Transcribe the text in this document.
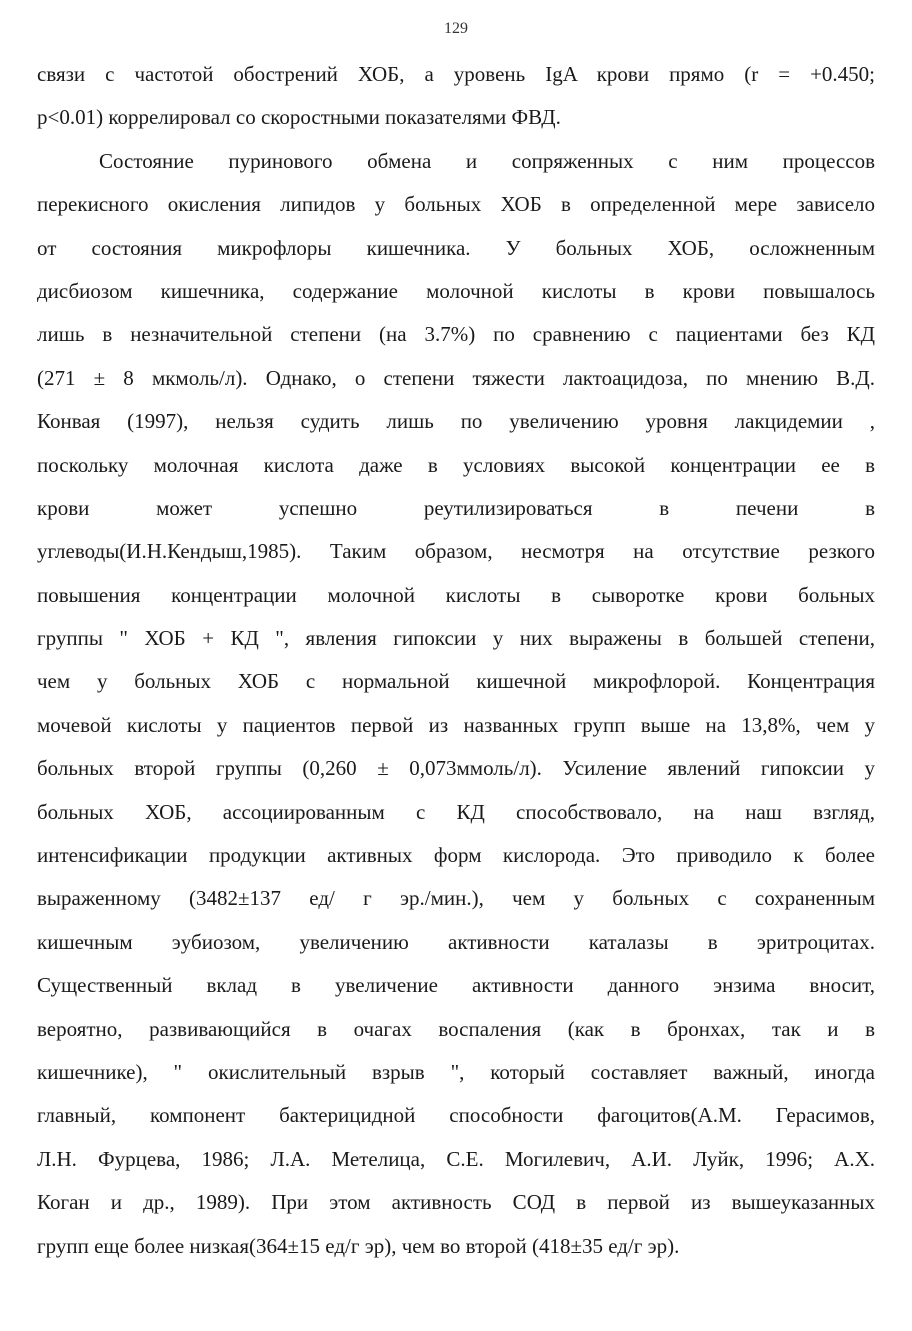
129
связи с частотой обострений ХОБ, а уровень IgA крови прямо (r = +0.450;
p<0.01) коррелировал со скоростными показателями ФВД.
Состояние пуринового обмена и сопряженных с ним процессов
перекисного окисления липидов у больных ХОБ в определенной мере зависело
от состояния микрофлоры кишечника. У больных ХОБ, осложненным
дисбиозом кишечника, содержание молочной кислоты в крови повышалось
лишь в незначительной степени (на 3.7%) по сравнению с пациентами без КД
(271 ± 8 мкмоль/л). Однако, о степени тяжести лактоацидоза, по мнению В.Д.
Конвая (1997), нельзя судить лишь по увеличению уровня лакцидемии ,
поскольку молочная кислота даже в условиях высокой концентрации ее в
крови может успешно реутилизироваться в печени в
углеводы(И.Н.Кендыш,1985). Таким образом, несмотря на отсутствие резкого
повышения концентрации молочной кислоты в сыворотке крови больных
группы " ХОБ + КД ", явления гипоксии у них выражены в большей степени,
чем у больных ХОБ с нормальной кишечной микрофлорой. Концентрация
мочевой кислоты у пациентов первой из названных групп выше на 13,8%, чем у
больных второй группы (0,260 ± 0,073ммоль/л). Усиление явлений гипоксии у
больных ХОБ, ассоциированным с КД способствовало, на наш взгляд,
интенсификации продукции активных форм кислорода. Это приводило к более
выраженному (3482±137 ед/ г эр./мин.), чем у больных с сохраненным
кишечным эубиозом, увеличению активности каталазы в эритроцитах.
Существенный вклад в увеличение активности данного энзима вносит,
вероятно, развивающийся в очагах воспаления (как в бронхах, так и в
кишечнике), " окислительный взрыв ", который составляет важный, иногда
главный, компонент бактерицидной способности фагоцитов(А.М. Герасимов,
Л.Н. Фурцева, 1986; Л.А. Метелица, С.Е. Могилевич, А.И. Луйк, 1996; А.Х.
Коган и др., 1989). При этом активность СОД в первой из вышеуказанных
групп еще более низкая(364±15 ед/г эр), чем во второй (418±35 ед/г эр).
